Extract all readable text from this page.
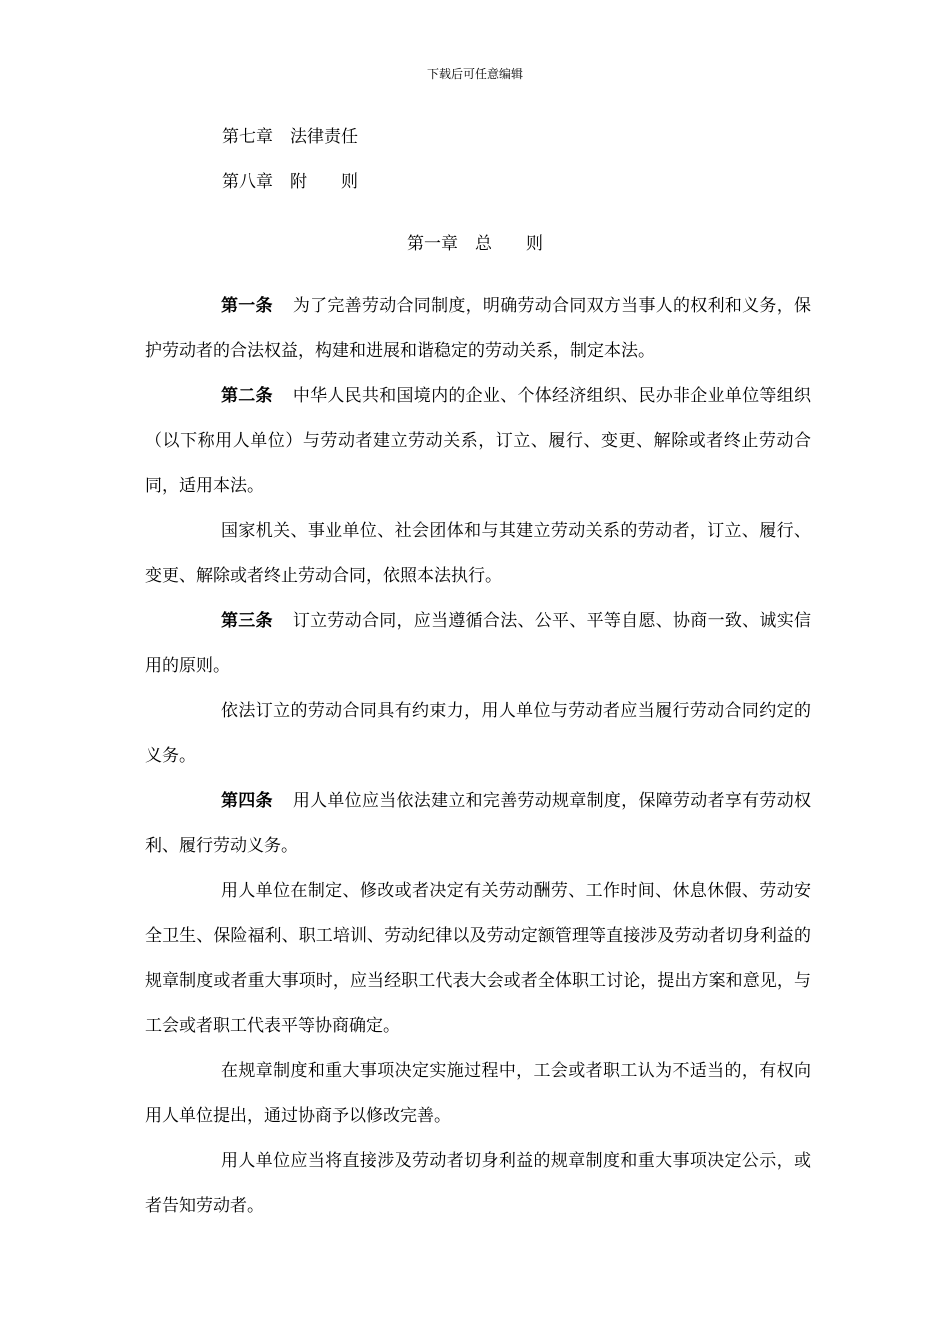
下载后可任意编辑
第七章　法律责任
第八章　附　　则
第一章　总　　则

第一条 为了完善劳动合同制度，明确劳动合同双方当事人的权利和义务，保护劳动者的合法权益，构建和进展和谐稳定的劳动关系，制定本法。

第二条 中华人民共和国境内的企业、个体经济组织、民办非企业单位等组织（以下称用人单位）与劳动者建立劳动关系，订立、履行、变更、解除或者终止劳动合同，适用本法。

国家机关、事业单位、社会团体和与其建立劳动关系的劳动者，订立、履行、变更、解除或者终止劳动合同，依照本法执行。

第三条 订立劳动合同，应当遵循合法、公平、平等自愿、协商一致、诚实信用的原则。

依法订立的劳动合同具有约束力，用人单位与劳动者应当履行劳动合同约定的义务。

第四条 用人单位应当依法建立和完善劳动规章制度，保障劳动者享有劳动权利、履行劳动义务。

用人单位在制定、修改或者决定有关劳动酬劳、工作时间、休息休假、劳动安全卫生、保险福利、职工培训、劳动纪律以及劳动定额管理等直接涉及劳动者切身利益的规章制度或者重大事项时，应当经职工代表大会或者全体职工讨论，提出方案和意见，与工会或者职工代表平等协商确定。

在规章制度和重大事项决定实施过程中，工会或者职工认为不适当的，有权向用人单位提出，通过协商予以修改完善。

用人单位应当将直接涉及劳动者切身利益的规章制度和重大事项决定公示，或者告知劳动者。
